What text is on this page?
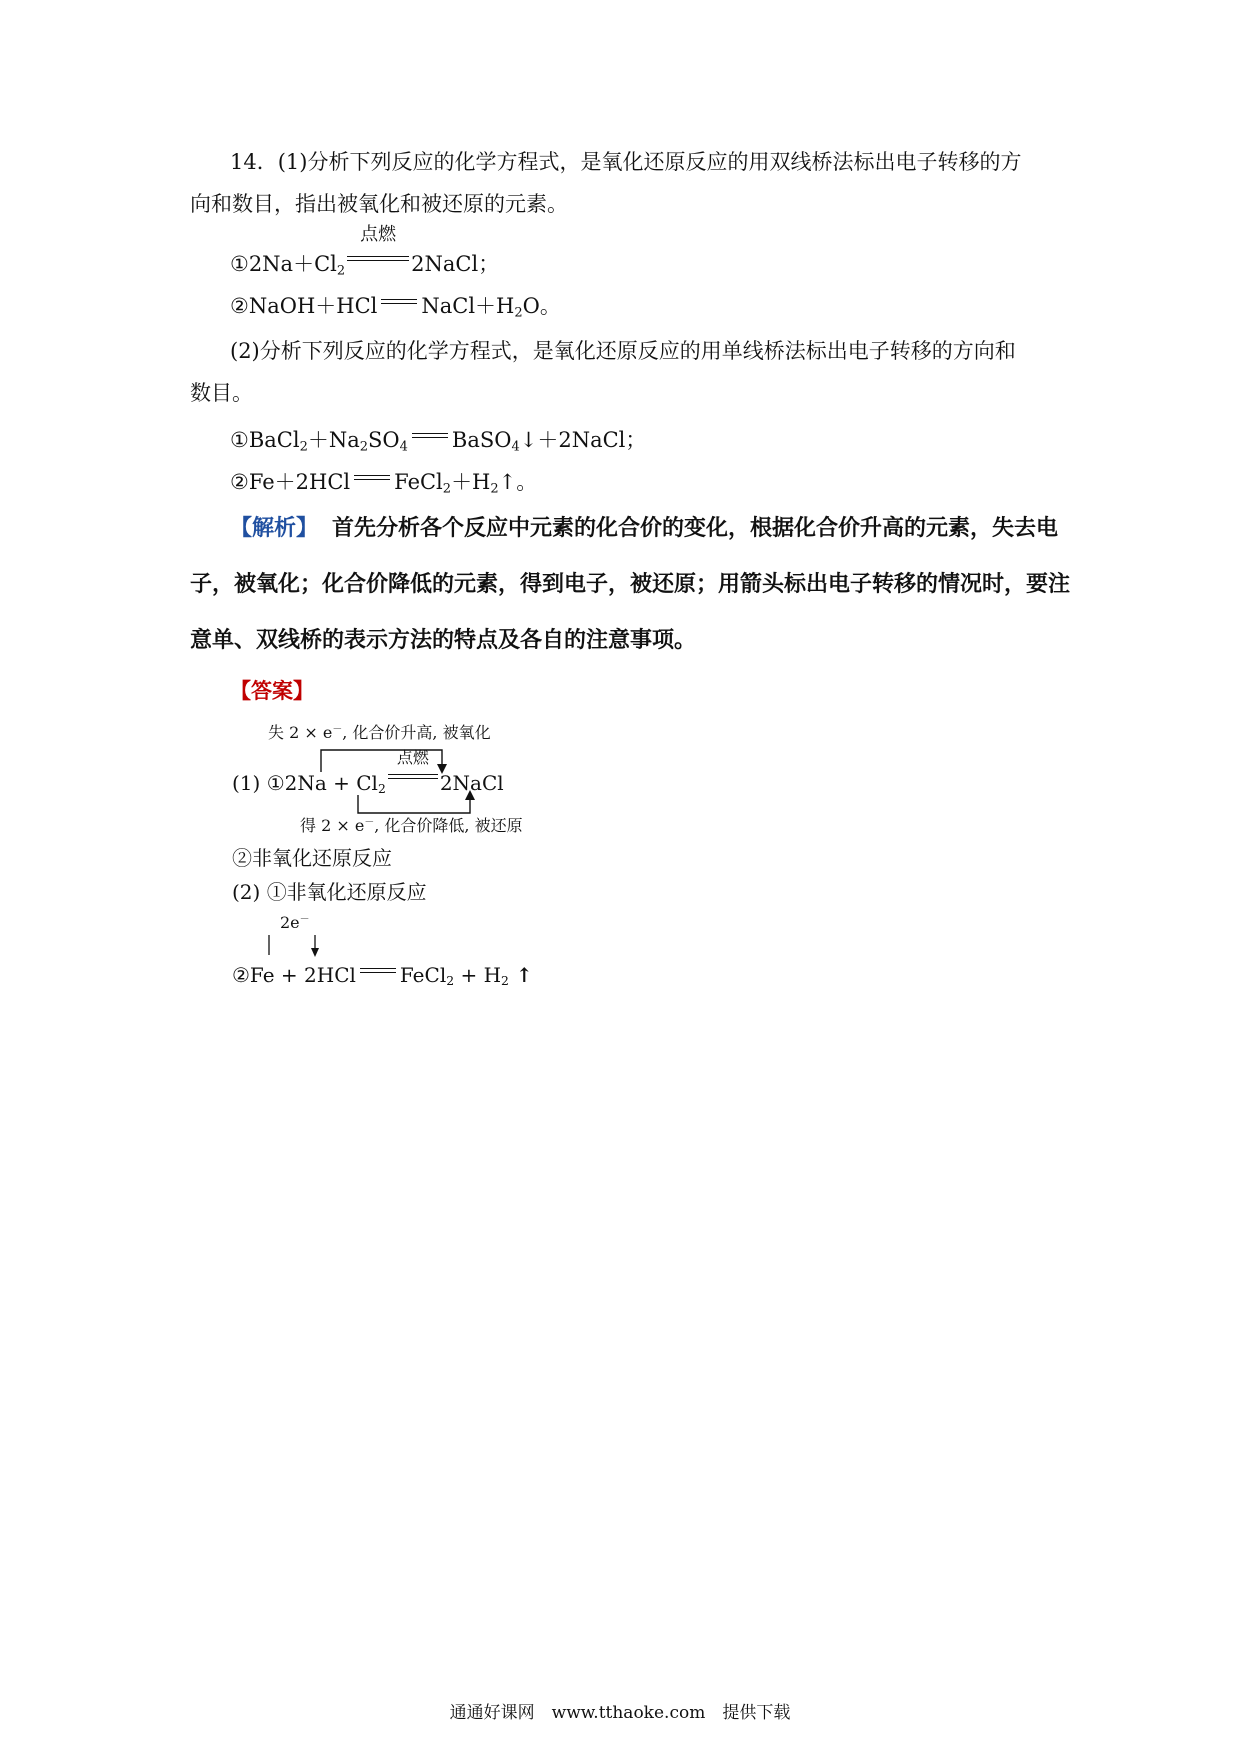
14．(1)分析下列反应的化学方程式，是氧化还原反应的用双线桥法标出电子转移的方
向和数目，指出被氧化和被还原的元素。
$①2Na+Cl_2$
点燃
2NaCl；
②NaOH＋HCl $NaCl+H_2O$。
(2)分析下列反应的化学方程式，是氧化还原反应的用单线桥法标出电子转移的方向和
数目。
$①BaCl_2+Na_2SO_4$ BaSO$_4$↓＋2NaCl；
②Fe＋2HCl $FeCl_2+H_2↑$。
【解析】 首先分析各个反应中元素的化合价的变化，根据化合价升高的元素，失去电
子，被氧化；化合价降低的元素，得到电子，被还原；用箭头标出电子转移的情况时，要注
意单、双线桥的表示方法的特点及各自的注意事项。
【答案】
失 2 × e－, 化合价升高, 被氧化
(1) ①2Na + $Cl_2$
点燃
2NaCl
得 2 × e－, 化合价降低, 被还原
②非氧化还原反应
(2) ①非氧化还原反应
2e－
②Fe + 2HCl FeCl$_2$ + $H_2$ ↑
通通好课网　www.tthaoke.com　提供下载
